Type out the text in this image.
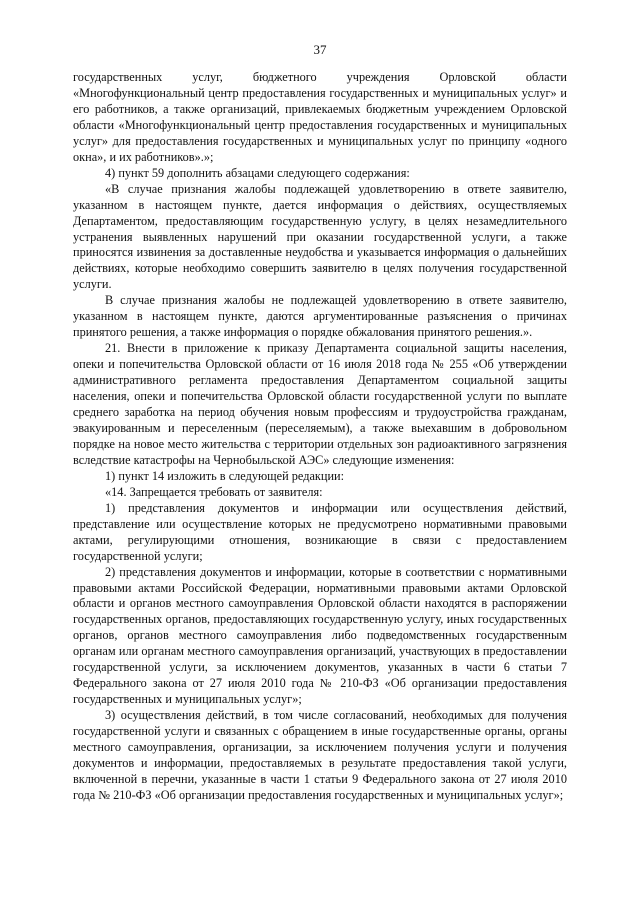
37

государственных услуг, бюджетного учреждения Орловской области «Многофункциональный центр предоставления государственных и муниципальных услуг» и его работников, а также организаций, привлекаемых бюджетным учреждением Орловской области «Многофункциональный центр предоставления государственных и муниципальных услуг» для предоставления государственных и муниципальных услуг по принципу «одного окна», и их работников».»;

4) пункт 59 дополнить абзацами следующего содержания:

«В случае признания жалобы подлежащей удовлетворению в ответе заявителю, указанном в настоящем пункте, дается информация о действиях, осуществляемых Департаментом, предоставляющим государственную услугу, в целях незамедлительного устранения выявленных нарушений при оказании государственной услуги, а также приносятся извинения за доставленные неудобства и указывается информация о дальнейших действиях, которые необходимо совершить заявителю в целях получения государственной услуги.

В случае признания жалобы не подлежащей удовлетворению в ответе заявителю, указанном в настоящем пункте, даются аргументированные разъяснения о причинах принятого решения, а также информация о порядке обжалования принятого решения.».

21. Внести в приложение к приказу Департамента социальной защиты населения, опеки и попечительства Орловской области от 16 июля 2018 года № 255 «Об утверждении административного регламента предоставления Департаментом социальной защиты населения, опеки и попечительства Орловской области государственной услуги по выплате среднего заработка на период обучения новым профессиям и трудоустройства гражданам, эвакуированным и переселенным (переселяемым), а также выехавшим в добровольном порядке на новое место жительства с территории отдельных зон радиоактивного загрязнения вследствие катастрофы на Чернобыльской АЭС» следующие изменения:

1) пункт 14 изложить в следующей редакции:

«14. Запрещается требовать от заявителя:

1) представления документов и информации или осуществления действий, представление или осуществление которых не предусмотрено нормативными правовыми актами, регулирующими отношения, возникающие в связи с предоставлением государственной услуги;

2) представления документов и информации, которые в соответствии с нормативными правовыми актами Российской Федерации, нормативными правовыми актами Орловской области и органов местного самоуправления Орловской области находятся в распоряжении государственных органов, предоставляющих государственную услугу, иных государственных органов, органов местного самоуправления либо подведомственных государственным органам или органам местного самоуправления организаций, участвующих в предоставлении государственной услуги, за исключением документов, указанных в части 6 статьи 7 Федерального закона от 27 июля 2010 года № 210-ФЗ «Об организации предоставления государственных и муниципальных услуг»;

3) осуществления действий, в том числе согласований, необходимых для получения государственной услуги и связанных с обращением в иные государственные органы, органы местного самоуправления, организации, за исключением получения услуги и получения документов и информации, предоставляемых в результате предоставления такой услуги, включенной в перечни, указанные в части 1 статьи 9 Федерального закона от 27 июля 2010 года № 210-ФЗ «Об организации предоставления государственных и муниципальных услуг»;
